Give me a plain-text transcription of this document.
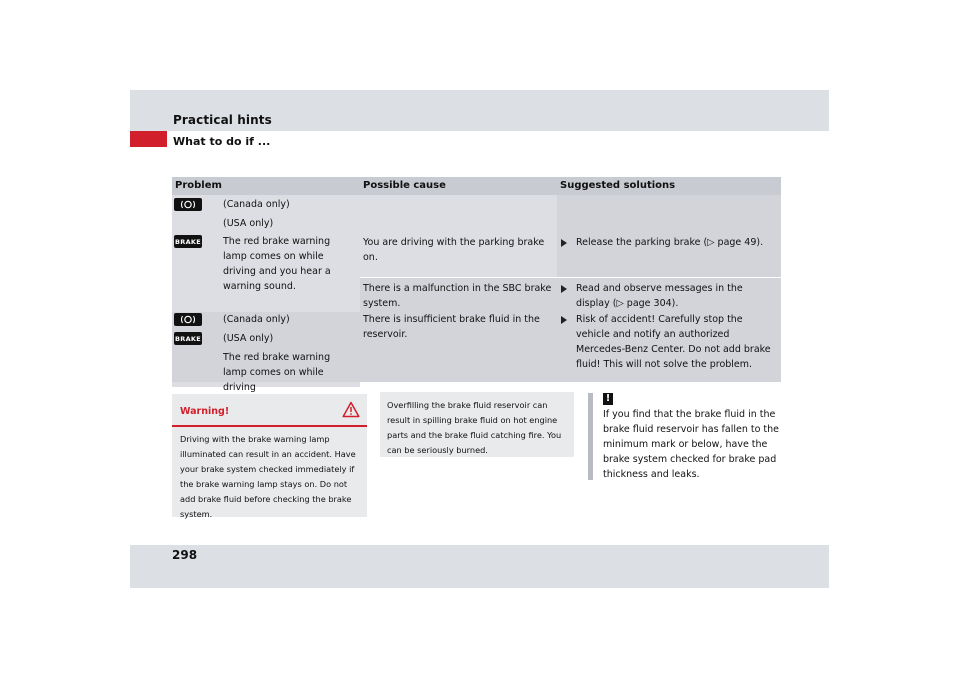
Practical hints
What to do if ...
Problem	Possible cause	Suggested solutions
BRAKE
(Canada only)
(USA only)
The red brake warning lamp comes on while driving and you hear a warning sound.
You are driving with the parking brake on.
Release the parking brake (▷ page 49).
There is a malfunction in the SBC brake system.
Read and observe messages in the display (▷ page 304).
BRAKE
(Canada only)
(USA only)
The red brake warning lamp comes on while driving
There is insufficient brake fluid in the reservoir.
Risk of accident! Carefully stop the vehicle and notify an authorized Mercedes-Benz Center. Do not add brake fluid! This will not solve the problem.
Warning!
Driving with the brake warning lamp illuminated can result in an accident. Have your brake system checked immediately if the brake warning lamp stays on. Do not add brake fluid before checking the brake system.
Overfilling the brake fluid reservoir can result in spilling brake fluid on hot engine parts and the brake fluid catching fire. You can be seriously burned.
!
If you find that the brake fluid in the brake fluid reservoir has fallen to the minimum mark or below, have the brake system checked for brake pad thickness and leaks.
298
